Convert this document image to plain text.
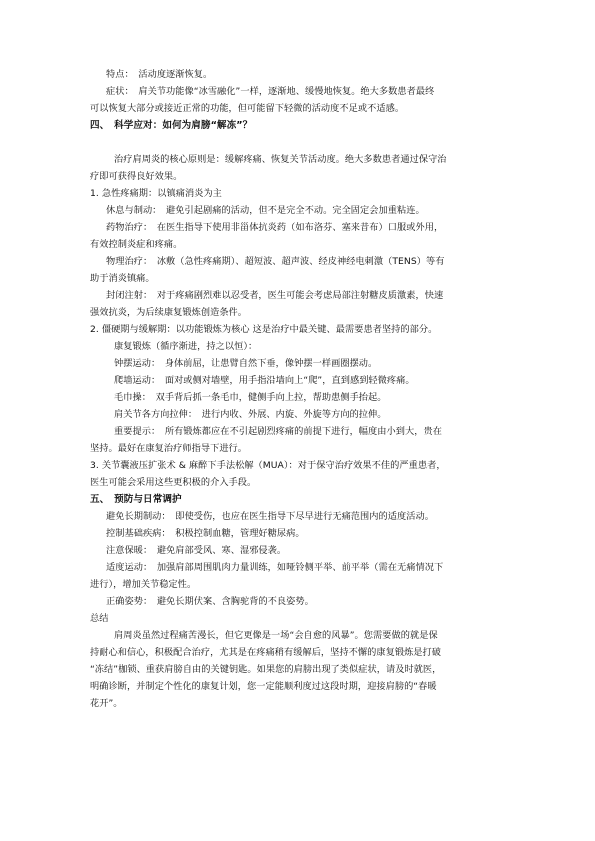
特点：　活动度逐渐恢复。

症状：　肩关节功能像“冰雪融化”一样，逐渐地、缓慢地恢复。绝大多数患者最终

可以恢复大部分或接近正常的功能，但可能留下轻微的活动度不足或不适感。

四、　科学应对：如何为肩膀“解冻”？

治疗肩周炎的核心原则是：缓解疼痛、恢复关节活动度。绝大多数患者通过保守治

疗即可获得良好效果。

1. 急性疼痛期：以镇痛消炎为主

休息与制动：　避免引起剧痛的活动，但不是完全不动。完全固定会加重粘连。

药物治疗：　在医生指导下使用非甾体抗炎药（如布洛芬、塞来昔布）口服或外用，

有效控制炎症和疼痛。

物理治疗：　冰敷（急性疼痛期）、超短波、超声波、经皮神经电刺激（TENS）等有

助于消炎镇痛。

封闭注射：　对于疼痛剧烈难以忍受者，医生可能会考虑局部注射糖皮质激素，快速

强效抗炎，为后续康复锻炼创造条件。

2. 僵硬期与缓解期：以功能锻炼为核心 这是治疗中最关键、最需要患者坚持的部分。

康复锻炼（循序渐进，持之以恒）：

钟摆运动：　身体前屈，让患臂自然下垂，像钟摆一样画圈摆动。

爬墙运动：　面对或侧对墙壁，用手指沿墙向上“爬”，直到感到轻微疼痛。

毛巾操：　双手背后抓一条毛巾，健侧手向上拉，帮助患侧手抬起。

肩关节各方向拉伸：　进行内收、外展、内旋、外旋等方向的拉伸。

重要提示：　所有锻炼都应在不引起剧烈疼痛的前提下进行，幅度由小到大，贵在

坚持。最好在康复治疗师指导下进行。

3. 关节囊液压扩张术 & 麻醉下手法松解（MUA）：对于保守治疗效果不佳的严重患者，

医生可能会采用这些更积极的介入手段。

五、　预防与日常调护

避免长期制动：　即使受伤，也应在医生指导下尽早进行无痛范围内的适度活动。

控制基础疾病：　积极控制血糖，管理好糖尿病。

注意保暖：　避免肩部受风、寒、湿邪侵袭。

适度运动：　加强肩部周围肌肉力量训练，如哑铃侧平举、前平举（需在无痛情况下

进行），增加关节稳定性。

正确姿势：　避免长期伏案、含胸驼背的不良姿势。

总结

肩周炎虽然过程痛苦漫长，但它更像是一场“会自愈的风暴”。您需要做的就是保

持耐心和信心，积极配合治疗，尤其是在疼痛稍有缓解后，坚持不懈的康复锻炼是打破

“冻结”枷锁、重获肩膀自由的关键钥匙。如果您的肩膀出现了类似症状，请及时就医，

明确诊断，并制定个性化的康复计划，您一定能顺利度过这段时期，迎接肩膀的“春暖

花开”。
